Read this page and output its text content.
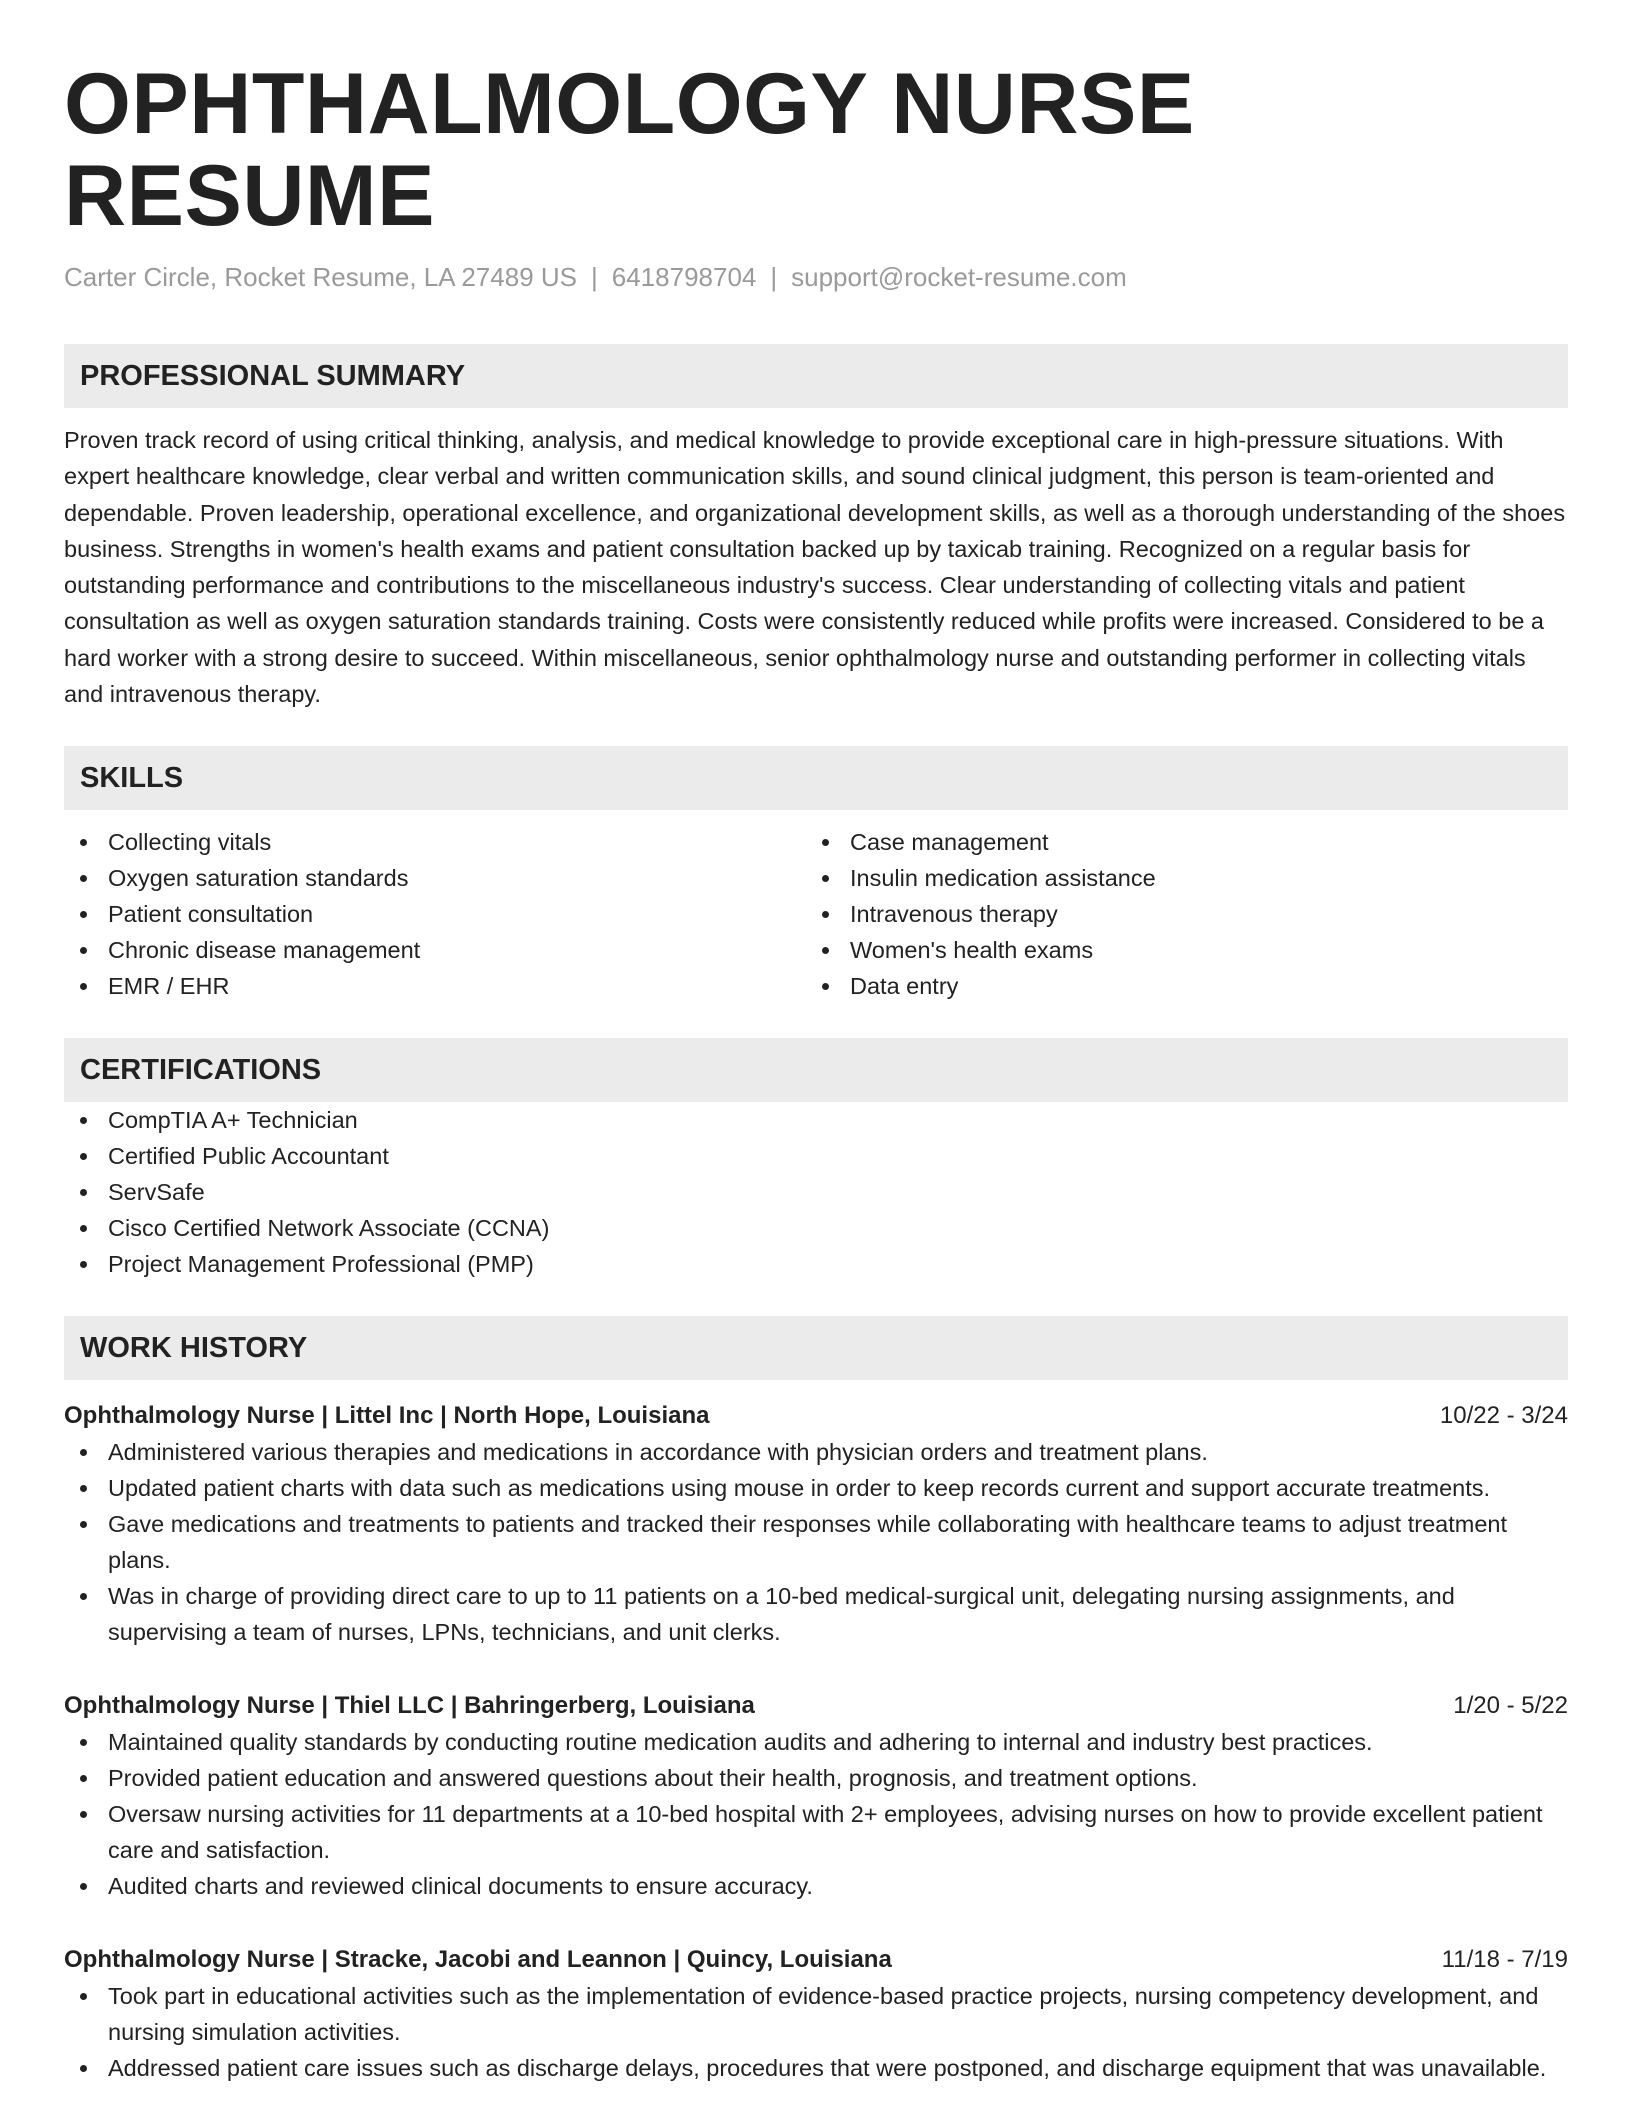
OPHTHALMOLOGY NURSE RESUME
Carter Circle, Rocket Resume, LA 27489 US | 6418798704 | support@rocket-resume.com
PROFESSIONAL SUMMARY

Proven track record of using critical thinking, analysis, and medical knowledge to provide exceptional care in high-pressure situations. With expert healthcare knowledge, clear verbal and written communication skills, and sound clinical judgment, this person is team-oriented and dependable. Proven leadership, operational excellence, and organizational development skills, as well as a thorough understanding of the shoes business. Strengths in women's health exams and patient consultation backed up by taxicab training. Recognized on a regular basis for outstanding performance and contributions to the miscellaneous industry's success. Clear understanding of collecting vitals and patient consultation as well as oxygen saturation standards training. Costs were consistently reduced while profits were increased. Considered to be a hard worker with a strong desire to succeed. Within miscellaneous, senior ophthalmology nurse and outstanding performer in collecting vitals and intravenous therapy.

SKILLS
Collecting vitals
Oxygen saturation standards
Patient consultation
Chronic disease management
EMR / EHR
Case management
Insulin medication assistance
Intravenous therapy
Women's health exams
Data entry
CERTIFICATIONS
CompTIA A+ Technician
Certified Public Accountant
ServSafe
Cisco Certified Network Associate (CCNA)
Project Management Professional (PMP)
WORK HISTORY
Ophthalmology Nurse | Littel Inc | North Hope, Louisiana	10/22 - 3/24
Administered various therapies and medications in accordance with physician orders and treatment plans.
Updated patient charts with data such as medications using mouse in order to keep records current and support accurate treatments.
Gave medications and treatments to patients and tracked their responses while collaborating with healthcare teams to adjust treatment plans.
Was in charge of providing direct care to up to 11 patients on a 10-bed medical-surgical unit, delegating nursing assignments, and supervising a team of nurses, LPNs, technicians, and unit clerks.
Ophthalmology Nurse | Thiel LLC | Bahringerberg, Louisiana	1/20 - 5/22
Maintained quality standards by conducting routine medication audits and adhering to internal and industry best practices.
Provided patient education and answered questions about their health, prognosis, and treatment options.
Oversaw nursing activities for 11 departments at a 10-bed hospital with 2+ employees, advising nurses on how to provide excellent patient care and satisfaction.
Audited charts and reviewed clinical documents to ensure accuracy.
Ophthalmology Nurse | Stracke, Jacobi and Leannon | Quincy, Louisiana	11/18 - 7/19
Took part in educational activities such as the implementation of evidence-based practice projects, nursing competency development, and nursing simulation activities.
Addressed patient care issues such as discharge delays, procedures that were postponed, and discharge equipment that was unavailable.
